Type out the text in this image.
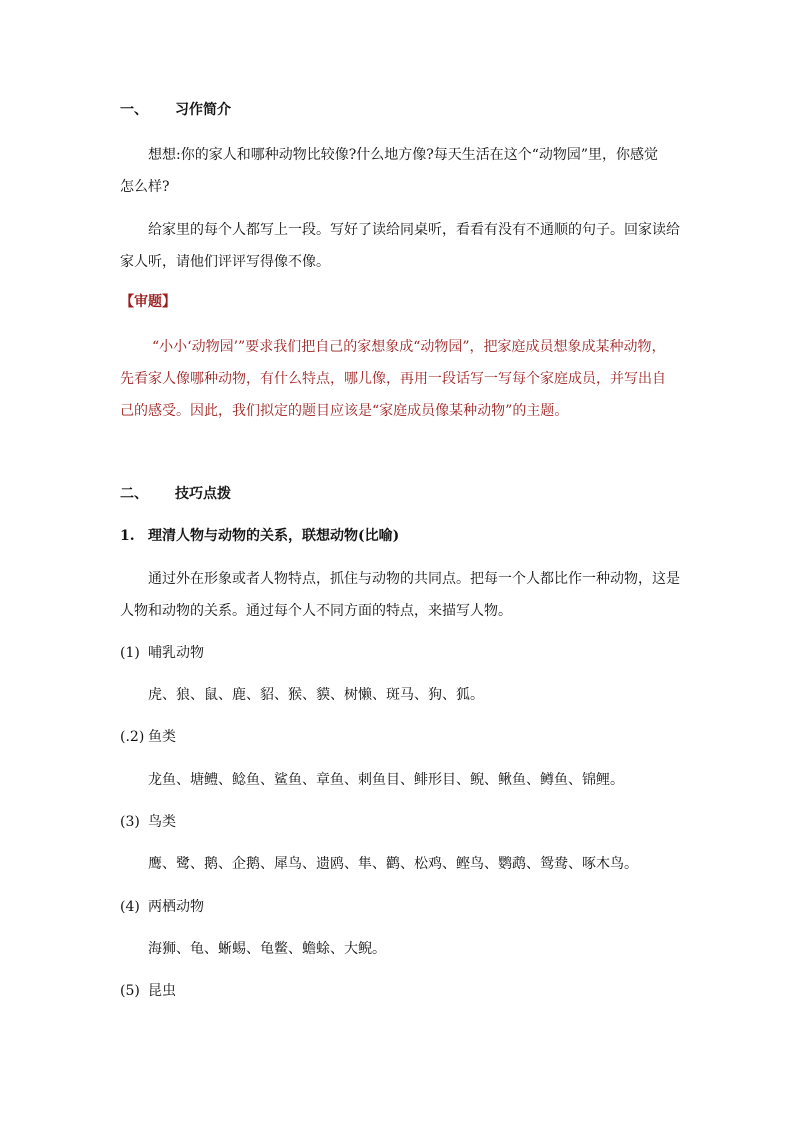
一、 习作简介
想想:你的家人和哪种动物比较像?什么地方像?每天生活在这个“动物园”里，你感觉
怎么样?
给家里的每个人都写上一段。写好了读给同桌听，看看有没有不通顺的句子。回家读给
家人听，请他们评评写得像不像。
【审题】
“小小‘动物园’”要求我们把自己的家想象成“动物园”，把家庭成员想象成某种动物，
先看家人像哪种动物，有什么特点，哪儿像，再用一段话写一写每个家庭成员，并写出自
己的感受。因此，我们拟定的题目应该是“家庭成员像某种动物”的主题。
二、 技巧点拨
1. 理清人物与动物的关系，联想动物(比喻)
通过外在形象或者人物特点，抓住与动物的共同点。把每一个人都比作一种动物，这是
人物和动物的关系。通过每个人不同方面的特点，来描写人物。
(1) 哺乳动物
虎、狼、鼠、鹿、貂、猴、貘、树懒、斑马、狗、狐。
(.2) 鱼类
龙鱼、塘鳢、鲶鱼、鲨鱼、章鱼、刺鱼目、鲱形目、鲵、鳅鱼、鳟鱼、锦鲤。
(3) 鸟类
鹰、鹭、鹅、企鹅、犀鸟、遗鸥、隼、鹳、松鸡、鲣鸟、鹦鹉、鸳鸯、啄木鸟。
(4) 两栖动物
海狮、龟、蜥蜴、龟鳖、蟾蜍、大鲵。
(5) 昆虫
